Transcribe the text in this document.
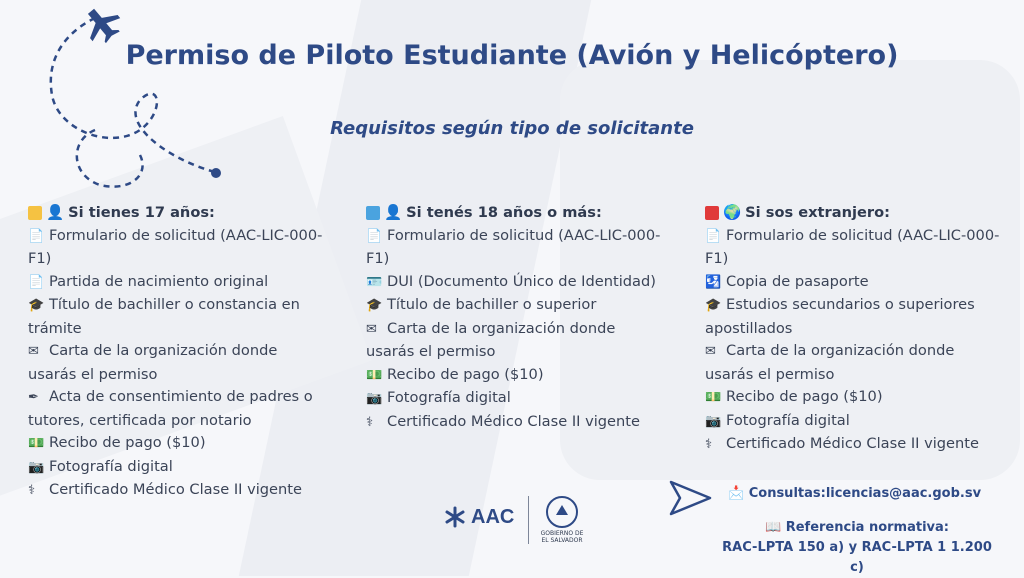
Permiso de Piloto Estudiante (Avión y Helicóptero)
Requisitos según tipo de solicitante
👤 Si tienes 17 años:
📄 Formulario de solicitud (AAC-LIC-000-F1)
📄 Partida de nacimiento original
🎓 Título de bachiller o constancia en trámite
✉ Carta de la organización donde usarás el permiso
✒ Acta de consentimiento de padres o tutores, certificada por notario
💵 Recibo de pago ($10)
📷 Fotografía digital
⚕ Certificado Médico Clase II vigente
👤 Si tenés 18 años o más:
📄 Formulario de solicitud (AAC-LIC-000-F1)
🪪 DUI (Documento Único de Identidad)
🎓 Título de bachiller o superior
✉ Carta de la organización donde usarás el permiso
💵 Recibo de pago ($10)
📷 Fotografía digital
⚕ Certificado Médico Clase II vigente
🌍 Si sos extranjero:
📄 Formulario de solicitud (AAC-LIC-000-F1)
🛂 Copia de pasaporte
🎓 Estudios secundarios o superiores apostillados
✉ Carta de la organización donde usarás el permiso
💵 Recibo de pago ($10)
📷 Fotografía digital
⚕ Certificado Médico Clase II vigente
📩 Consultas:licencias@aac.gob.sv
📖 Referencia normativa:
RAC-LPTA 150 a) y RAC-LPTA 1 1.200 c)
AAC
GOBIERNO DE EL SALVADOR
